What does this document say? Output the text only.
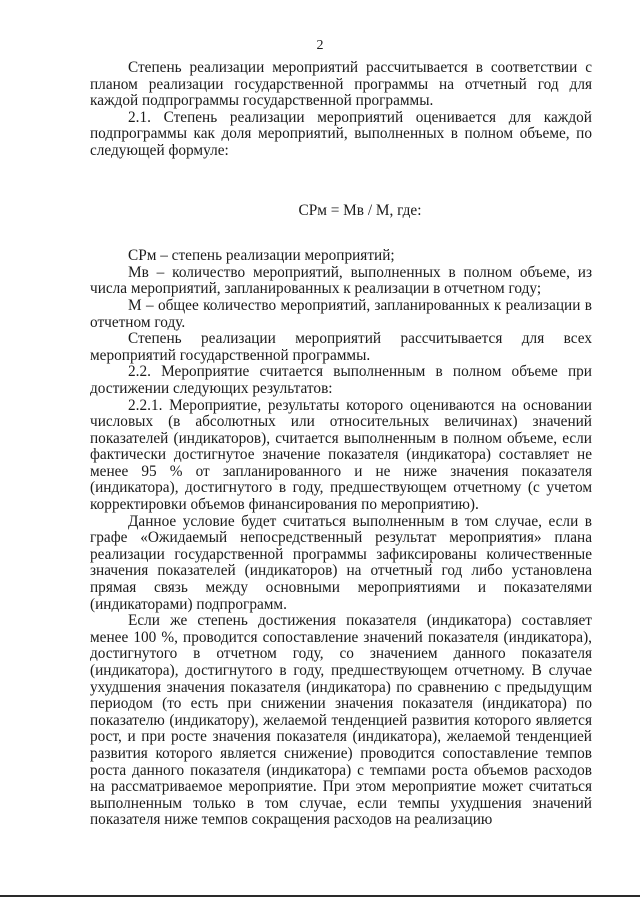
2

Степень реализации мероприятий рассчитывается в соответствии с планом реализации государственной программы на отчетный год для каждой подпрограммы государственной программы.

2.1. Степень реализации мероприятий оценивается для каждой подпрограммы как доля мероприятий, выполненных в полном объеме, по следующей формуле:

СРм = Мв / М, где:

СРм – степень реализации мероприятий;

Мв – количество мероприятий, выполненных в полном объеме, из числа мероприятий, запланированных к реализации в отчетном году;

М – общее количество мероприятий, запланированных к реализации в отчетном году.

Степень реализации мероприятий рассчитывается для всех мероприятий государственной программы.

2.2. Мероприятие считается выполненным в полном объеме при достижении следующих результатов:

2.2.1. Мероприятие, результаты которого оцениваются на основании числовых (в абсолютных или относительных величинах) значений показателей (индикаторов), считается выполненным в полном объеме, если фактически достигнутое значение показателя (индикатора) составляет не менее 95 % от запланированного и не ниже значения показателя (индикатора), достигнутого в году, предшествующем отчетному (с учетом корректировки объемов финансирования по мероприятию).

Данное условие будет считаться выполненным в том случае, если в графе «Ожидаемый непосредственный результат мероприятия» плана реализации государственной программы зафиксированы количественные значения показателей (индикаторов) на отчетный год либо установлена прямая связь между основными мероприятиями и показателями (индикаторами) подпрограмм.

Если же степень достижения показателя (индикатора) составляет менее 100 %, проводится сопоставление значений показателя (индикатора), достигнутого в отчетном году, со значением данного показателя (индикатора), достигнутого в году, предшествующем отчетному. В случае ухудшения значения показателя (индикатора) по сравнению с предыдущим периодом (то есть при снижении значения показателя (индикатора) по показателю (индикатору), желаемой тенденцией развития которого является рост, и при росте значения показателя (индикатора), желаемой тенденцией развития которого является снижение) проводится сопоставление темпов роста данного показателя (индикатора) с темпами роста объемов расходов на рассматриваемое мероприятие. При этом мероприятие может считаться выполненным только в том случае, если темпы ухудшения значений показателя ниже темпов сокращения расходов на реализацию
